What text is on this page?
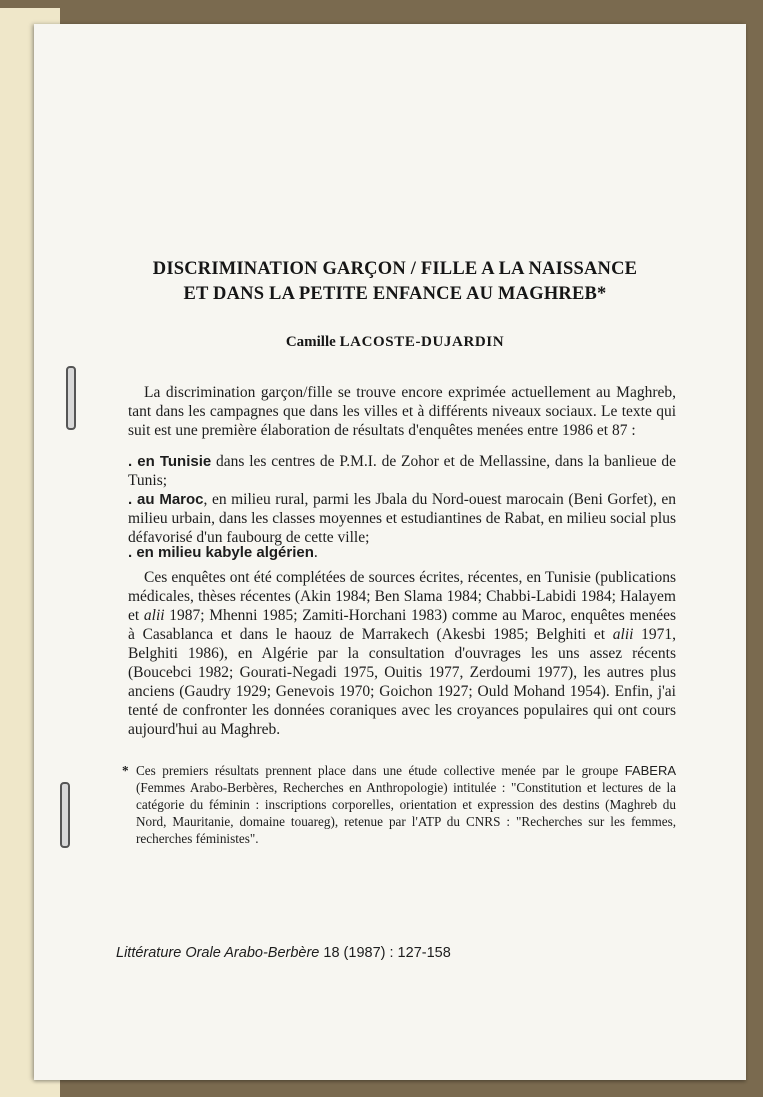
DISCRIMINATION GARÇON / FILLE A LA NAISSANCE
ET DANS LA PETITE ENFANCE AU MAGHREB*
Camille LACOSTE-DUJARDIN

La discrimination garçon/fille se trouve encore exprimée actuellement au Maghreb, tant dans les campagnes que dans les villes et à différents niveaux sociaux. Le texte qui suit est une première élaboration de résultats d'enquêtes menées entre 1986 et 87 :

. en Tunisie dans les centres de P.M.I. de Zohor et de Mellassine, dans la banlieue de Tunis;

. au Maroc, en milieu rural, parmi les Jbala du Nord-ouest marocain (Beni Gorfet), en milieu urbain, dans les classes moyennes et estudiantines de Rabat, en milieu social plus défavorisé d'un faubourg de cette ville;

. en milieu kabyle algérien.

Ces enquêtes ont été complétées de sources écrites, récentes, en Tunisie (publications médicales, thèses récentes (Akin 1984; Ben Slama 1984; Chabbi-Labidi 1984; Halayem et alii 1987; Mhenni 1985; Zamiti-Horchani 1983) comme au Maroc, enquêtes menées à Casablanca et dans le haouz de Marrakech (Akesbi 1985; Belghiti et alii 1971, Belghiti 1986), en Algérie par la consultation d'ouvrages les uns assez récents (Boucebci 1982; Gourati-Negadi 1975, Ouitis 1977, Zerdoumi 1977), les autres plus anciens (Gaudry 1929; Genevois 1970; Goichon 1927; Ould Mohand 1954). Enfin, j'ai tenté de confronter les données coraniques avec les croyances populaires qui ont cours aujourd'hui au Maghreb.

* Ces premiers résultats prennent place dans une étude collective menée par le groupe FABERA (Femmes Arabo-Berbères, Recherches en Anthropologie) intitulée : "Constitution et lectures de la catégorie du féminin : inscriptions corporelles, orientation et expression des destins (Maghreb du Nord, Mauritanie, domaine touareg), retenue par l'ATP du CNRS : "Recherches sur les femmes, recherches féministes".
Littérature Orale Arabo-Berbère 18 (1987) : 127-158
